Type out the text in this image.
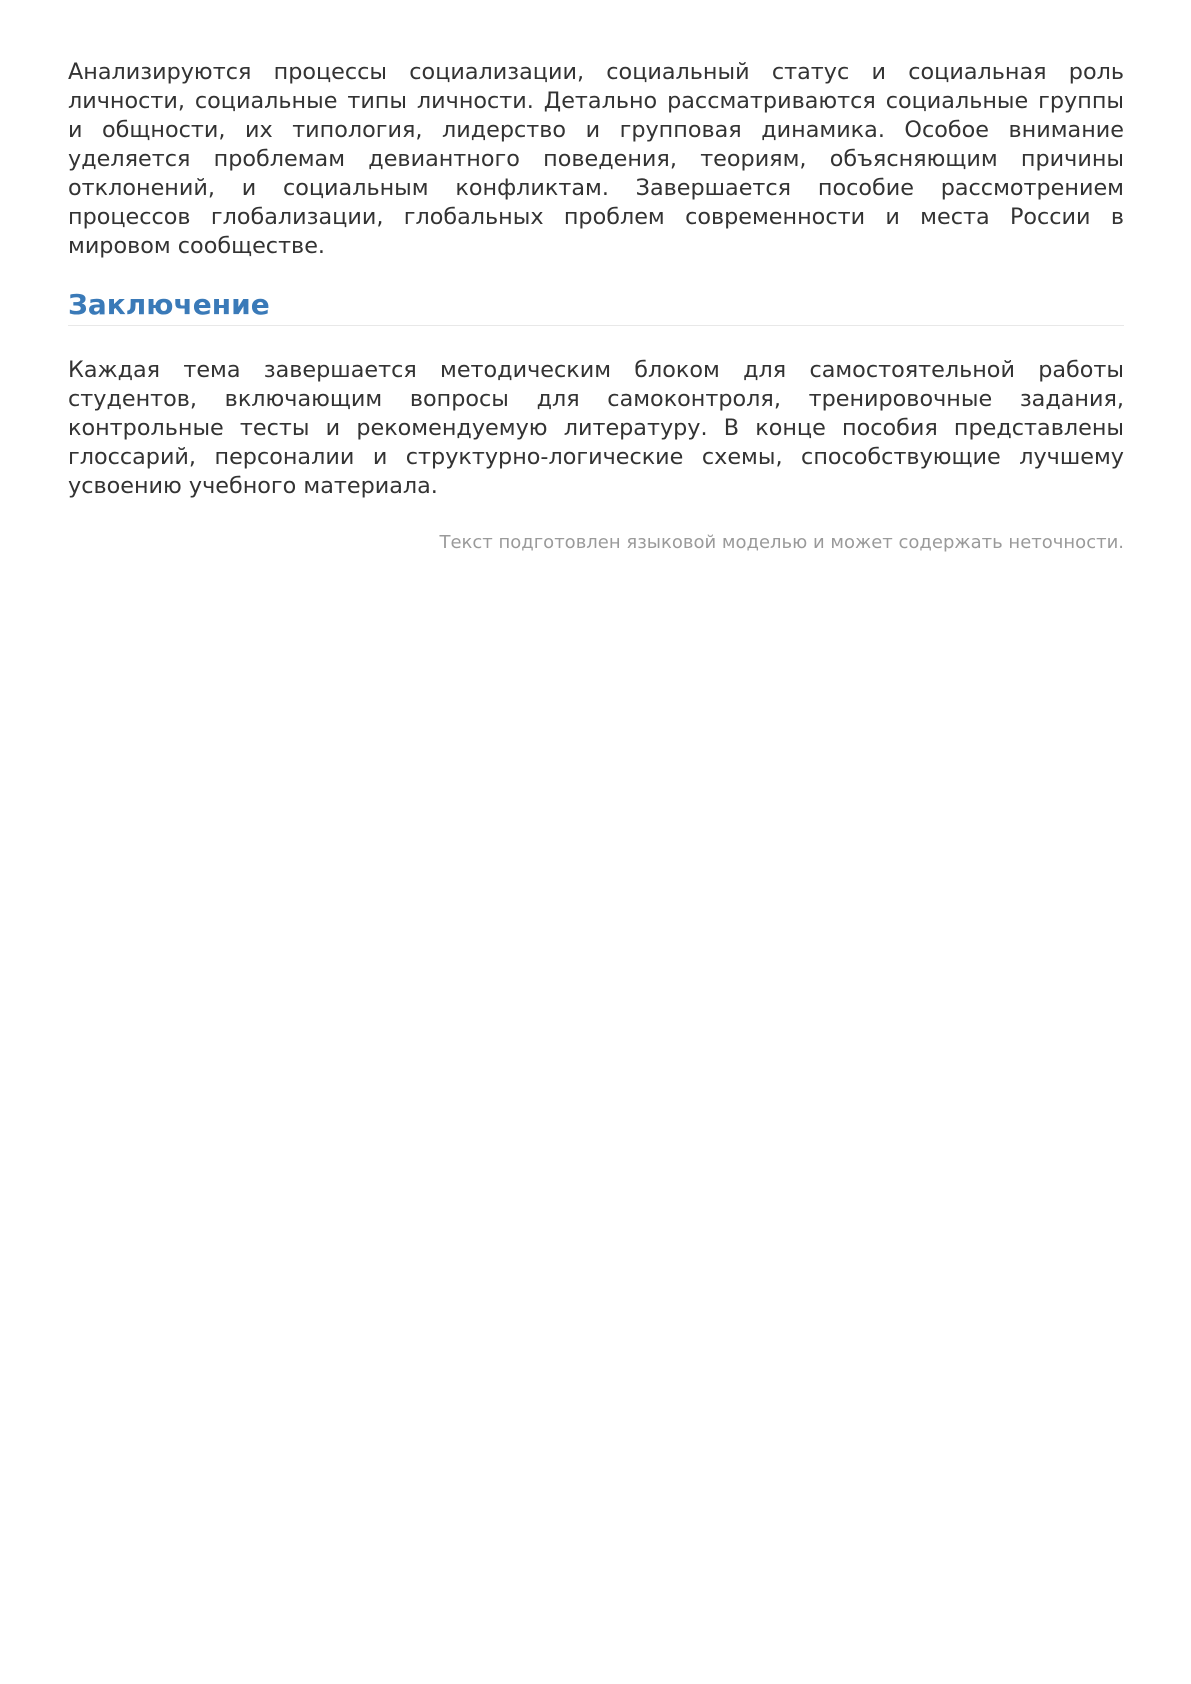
Анализируются процессы социализации, социальный статус и социальная роль личности, социальные типы личности. Детально рассматриваются социальные группы и общности, их типология, лидерство и групповая динамика. Особое внимание уделяется проблемам девиантного поведения, теориям, объясняющим причины отклонений, и социальным конфликтам. Завершается пособие рассмотрением процессов глобализации, глобальных проблем современности и места России в мировом сообществе.

Заключение

Каждая тема завершается методическим блоком для самостоятельной работы студентов, включающим вопросы для самоконтроля, тренировочные задания, контрольные тесты и рекомендуемую литературу. В конце пособия представлены глоссарий, персоналии и структурно-логические схемы, способствующие лучшему усвоению учебного материала.

Текст подготовлен языковой моделью и может содержать неточности.
